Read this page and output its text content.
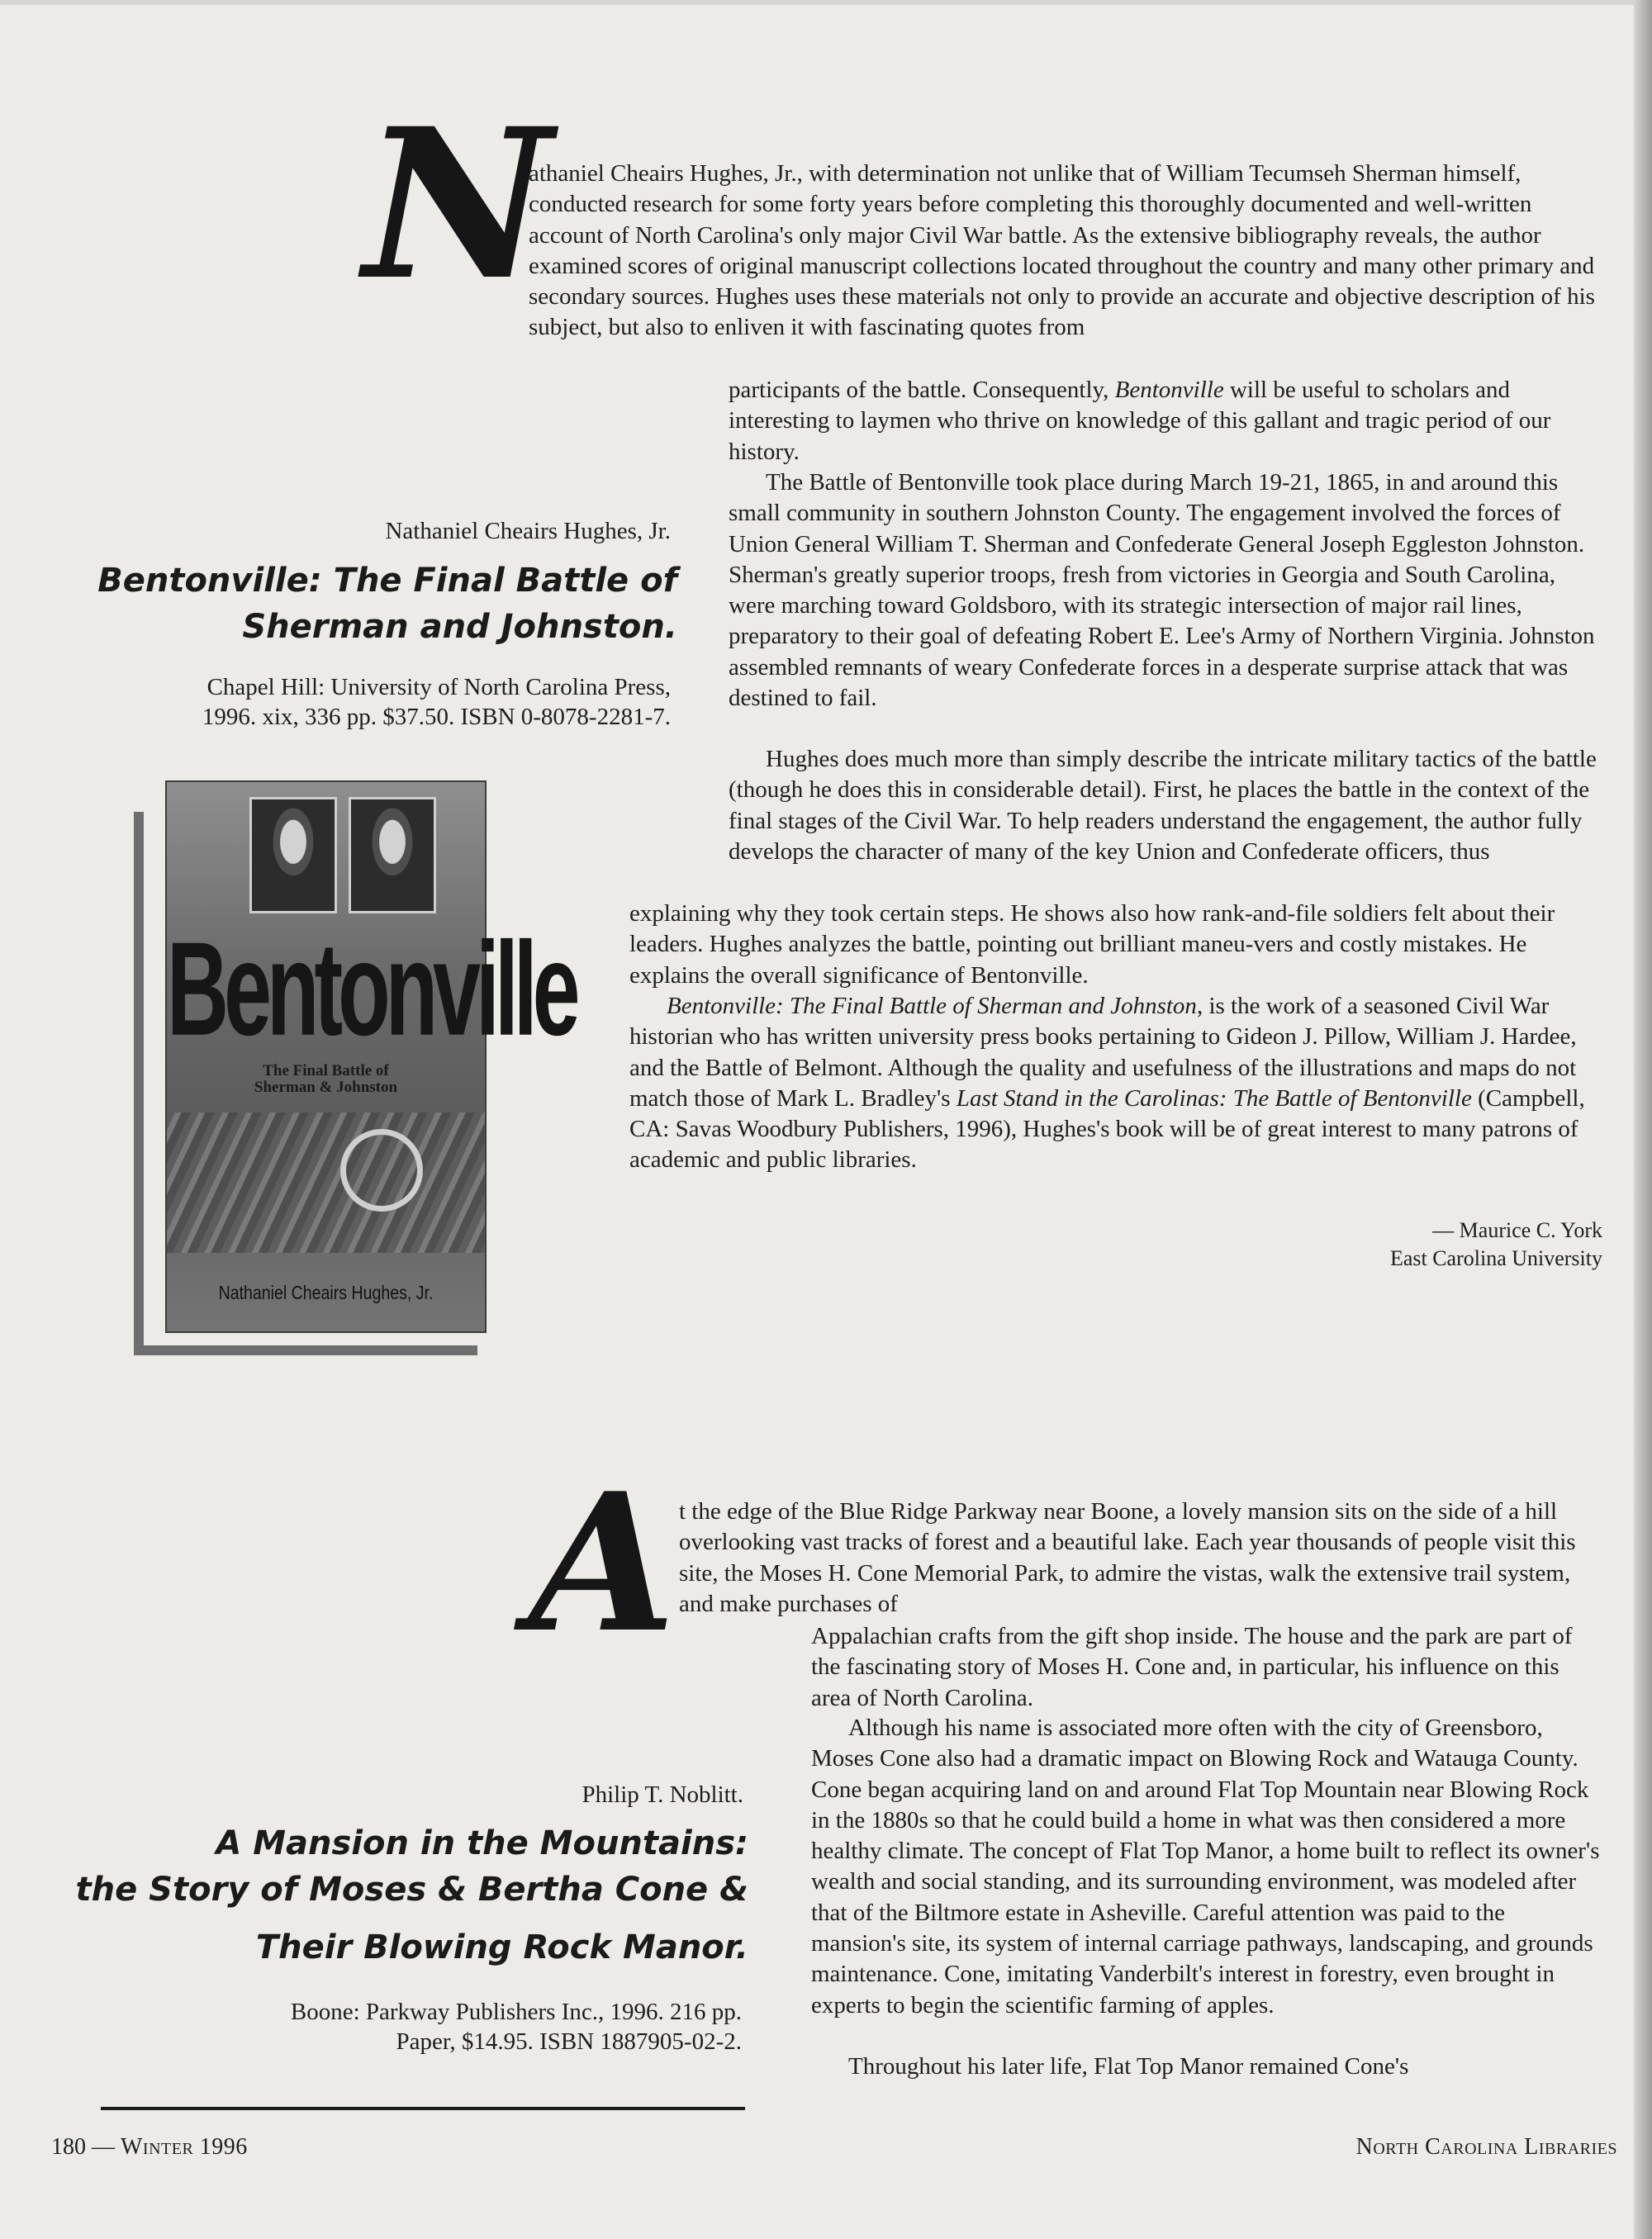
N

athaniel Cheairs Hughes, Jr., with determination not unlike that of William Tecumseh Sherman himself, conducted research for some forty years before completing this thoroughly documented and well-written account of North Carolina's only major Civil War battle. As the extensive bibliography reveals, the author examined scores of original manuscript collections located throughout the country and many other primary and secondary sources. Hughes uses these materials not only to provide an accurate and objective description of his subject, but also to enliven it with fascinating quotes from

participants of the battle. Consequently, Bentonville will be useful to scholars and interesting to laymen who thrive on knowledge of this gallant and tragic period of our history.

The Battle of Bentonville took place during March 19-21, 1865, in and around this small community in southern Johnston County. The engagement involved the forces of Union General William T. Sherman and Confederate General Joseph Eggleston Johnston. Sherman's greatly superior troops, fresh from victories in Georgia and South Carolina, were marching toward Goldsboro, with its strategic intersection of major rail lines, preparatory to their goal of defeating Robert E. Lee's Army of Northern Virginia. Johnston assembled remnants of weary Confederate forces in a desperate surprise attack that was destined to fail.

Hughes does much more than simply describe the intricate military tactics of the battle (though he does this in considerable detail). First, he places the battle in the context of the final stages of the Civil War. To help readers understand the engagement, the author fully develops the character of many of the key Union and Confederate officers, thus

explaining why they took certain steps. He shows also how rank-and-file soldiers felt about their leaders. Hughes analyzes the battle, pointing out brilliant maneu-vers and costly mistakes. He explains the overall significance of Bentonville.

Bentonville: The Final Battle of Sherman and Johnston, is the work of a seasoned Civil War historian who has written university press books pertaining to Gideon J. Pillow, William J. Hardee, and the Battle of Belmont. Although the quality and usefulness of the illustrations and maps do not match those of Mark L. Bradley's Last Stand in the Carolinas: The Battle of Bentonville (Campbell, CA: Savas Woodbury Publishers, 1996), Hughes's book will be of great interest to many patrons of academic and public libraries.

— Maurice C. York

East Carolina University

Nathaniel Cheairs Hughes, Jr.

Bentonville: The Final Battle of

Sherman and Johnston.

Chapel Hill: University of North Carolina Press,

1996. xix, 336 pp. $37.50. ISBN 0-8078-2281-7.

Bentonville
The Final Battle of
Sherman & Johnston
Nathaniel Cheairs Hughes, Jr.
A t the edge of the Blue Ridge Parkway near Boone, a lovely mansion sits on the side of a hill overlooking vast tracks of forest and a beautiful lake. Each year thousands of people visit this site, the Moses H. Cone Memorial Park, to admire the vistas, walk the extensive trail system, and make purchases of

Appalachian crafts from the gift shop inside. The house and the park are part of the fascinating story of Moses H. Cone and, in particular, his influence on this area of North Carolina.

Although his name is associated more often with the city of Greensboro, Moses Cone also had a dramatic impact on Blowing Rock and Watauga County. Cone began acquiring land on and around Flat Top Mountain near Blowing Rock in the 1880s so that he could build a home in what was then considered a more healthy climate. The concept of Flat Top Manor, a home built to reflect its owner's wealth and social standing, and its surrounding environment, was modeled after that of the Biltmore estate in Asheville. Careful attention was paid to the mansion's site, its system of internal carriage pathways, landscaping, and grounds maintenance. Cone, imitating Vanderbilt's interest in forestry, even brought in experts to begin the scientific farming of apples.

Throughout his later life, Flat Top Manor remained Cone's

Philip T. Noblitt.

A Mansion in the Mountains:

the Story of Moses & Bertha Cone &

Their Blowing Rock Manor.

Boone: Parkway Publishers Inc., 1996. 216 pp.

Paper, $14.95. ISBN 1887905-02-2.

180 — Winter 1996	North Carolina Libraries
